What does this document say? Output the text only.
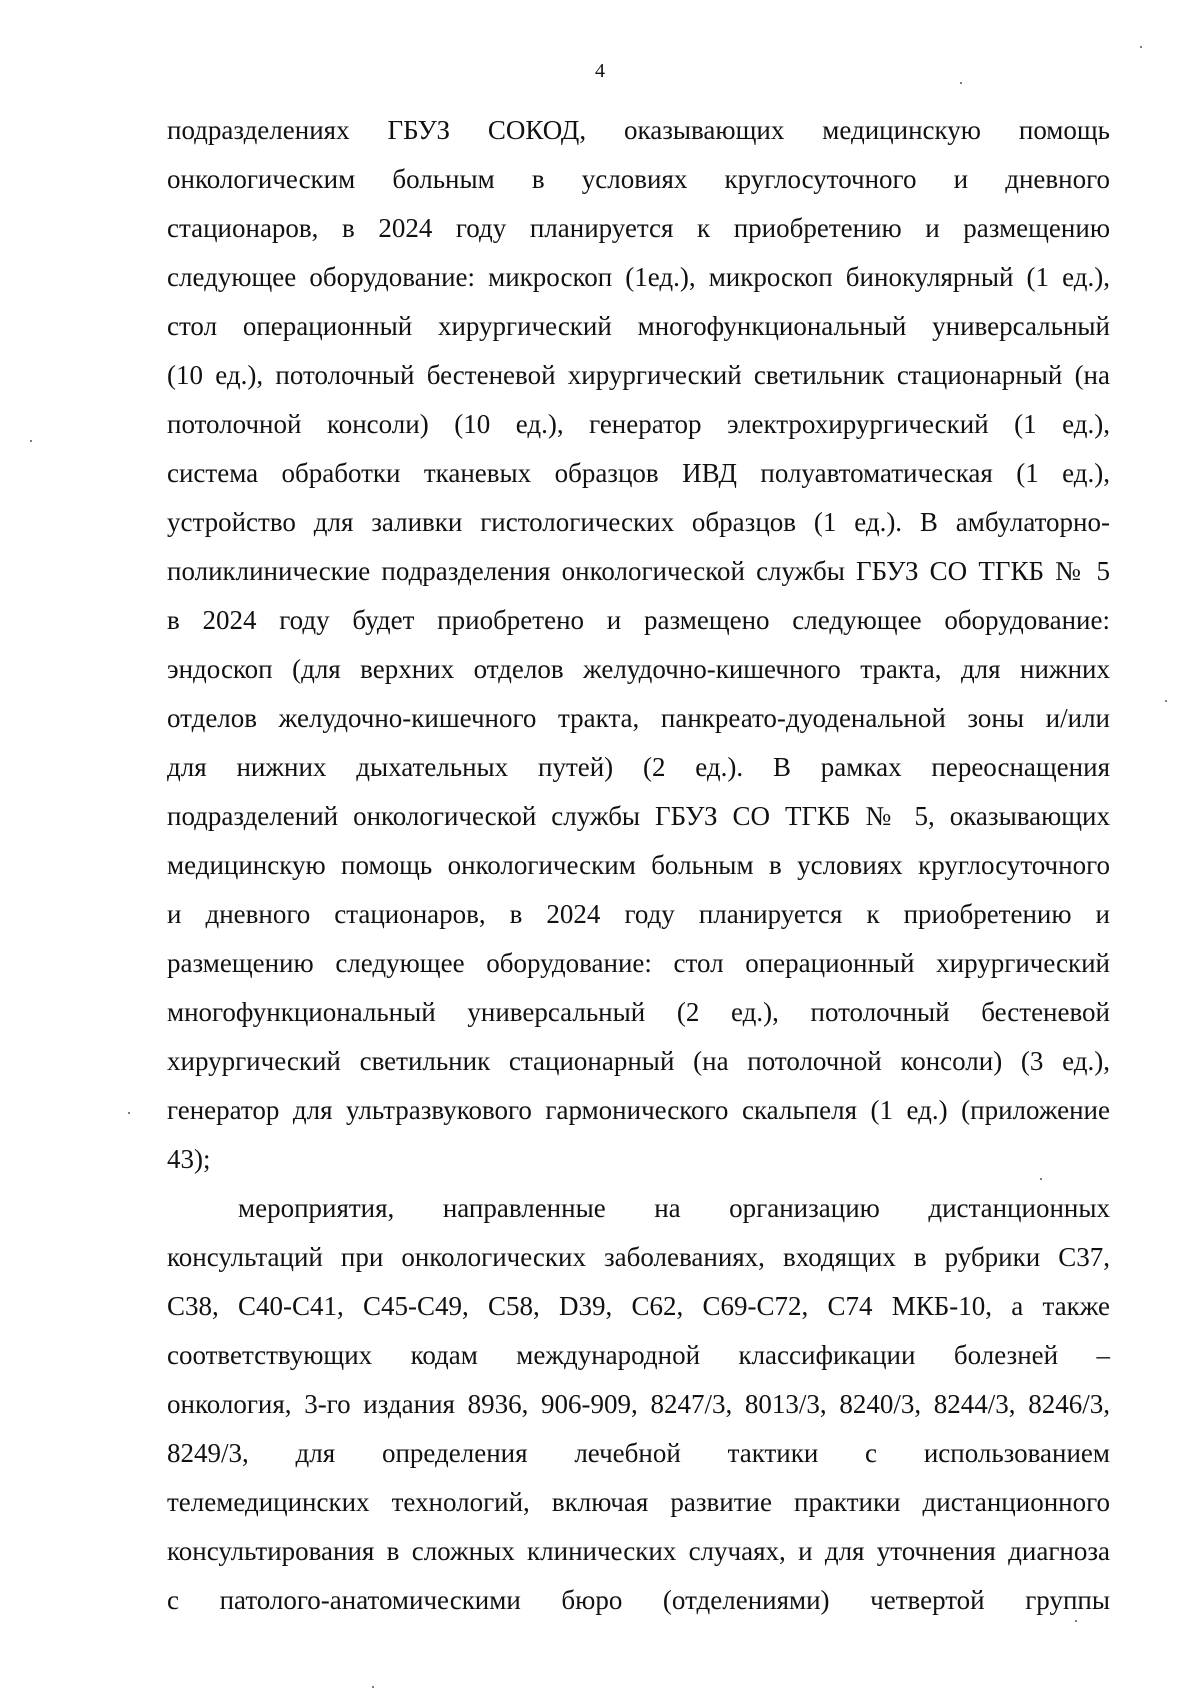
4
подразделениях ГБУЗ СОКОД, оказывающих медицинскую помощь
онкологическим больным в условиях круглосуточного и дневного
стационаров, в 2024 году планируется к приобретению и размещению
следующее оборудование: микроскоп (1ед.), микроскоп бинокулярный (1 ед.),
стол операционный хирургический многофункциональный универсальный
(10 ед.), потолочный бестеневой хирургический светильник стационарный (на
потолочной консоли) (10 ед.), генератор электрохирургический (1 ед.),
система обработки тканевых образцов ИВД полуавтоматическая (1 ед.),
устройство для заливки гистологических образцов (1 ед.). В амбулаторно-
поликлинические подразделения онкологической службы ГБУЗ СО ТГКБ № 5
в 2024 году будет приобретено и размещено следующее оборудование:
эндоскоп (для верхних отделов желудочно-кишечного тракта, для нижних
отделов желудочно-кишечного тракта, панкреато-дуоденальной зоны и/или
для нижних дыхательных путей) (2 ед.). В рамках переоснащения
подразделений онкологической службы ГБУЗ СО ТГКБ № 5, оказывающих
медицинскую помощь онкологическим больным в условиях круглосуточного
и дневного стационаров, в 2024 году планируется к приобретению и
размещению следующее оборудование: стол операционный хирургический
многофункциональный универсальный (2 ед.), потолочный бестеневой
хирургический светильник стационарный (на потолочной консоли) (3 ед.),
генератор для ультразвукового гармонического скальпеля (1 ед.) (приложение
43);
мероприятия, направленные на организацию дистанционных
консультаций при онкологических заболеваниях, входящих в рубрики C37,
C38, C40-C41, C45-C49, C58, D39, C62, C69-C72, C74 МКБ-10, а также
соответствующих кодам международной классификации болезней –
онкология, 3-го издания 8936, 906-909, 8247/3, 8013/3, 8240/3, 8244/3, 8246/3,
8249/3, для определения лечебной тактики с использованием
телемедицинских технологий, включая развитие практики дистанционного
консультирования в сложных клинических случаях, и для уточнения диагноза
с патолого-анатомическими бюро (отделениями) четвертой группы
